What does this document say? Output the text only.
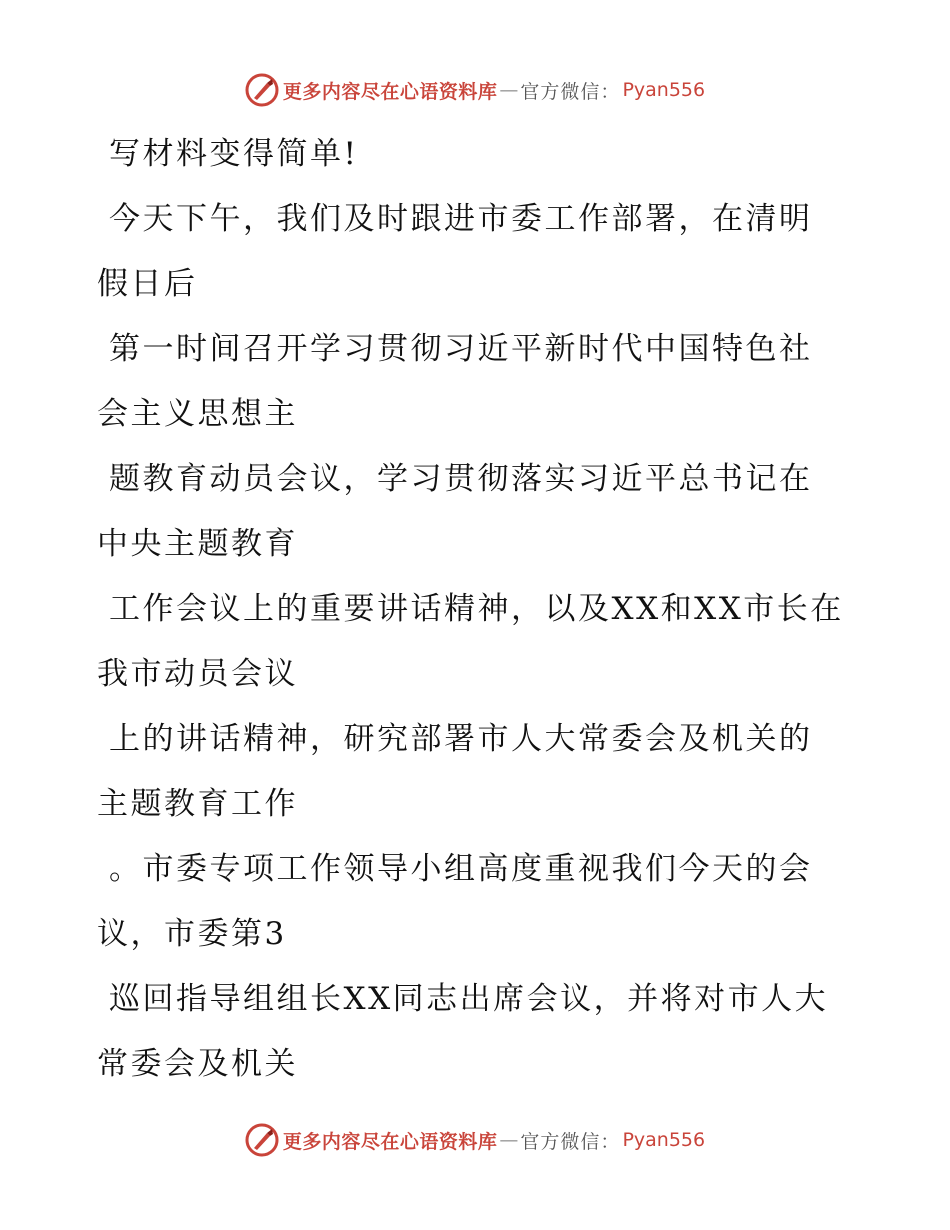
更多内容尽在心语资料库 — 官方微信： Pyan556

写材料变得简单!

今天下午，我们及时跟进市委工作部署，在清明
假日后

第一时间召开学习贯彻习近平新时代中国特色社
会主义思想主

题教育动员会议，学习贯彻落实习近平总书记在
中央主题教育

工作会议上的重要讲话精神，以及XX和XX市长在
我市动员会议

上的讲话精神，研究部署市人大常委会及机关的
主题教育工作

。市委专项工作领导小组高度重视我们今天的会
议，市委第3

巡回指导组组长XX同志出席会议，并将对市人大
常委会及机关

更多内容尽在心语资料库 — 官方微信： Pyan556
